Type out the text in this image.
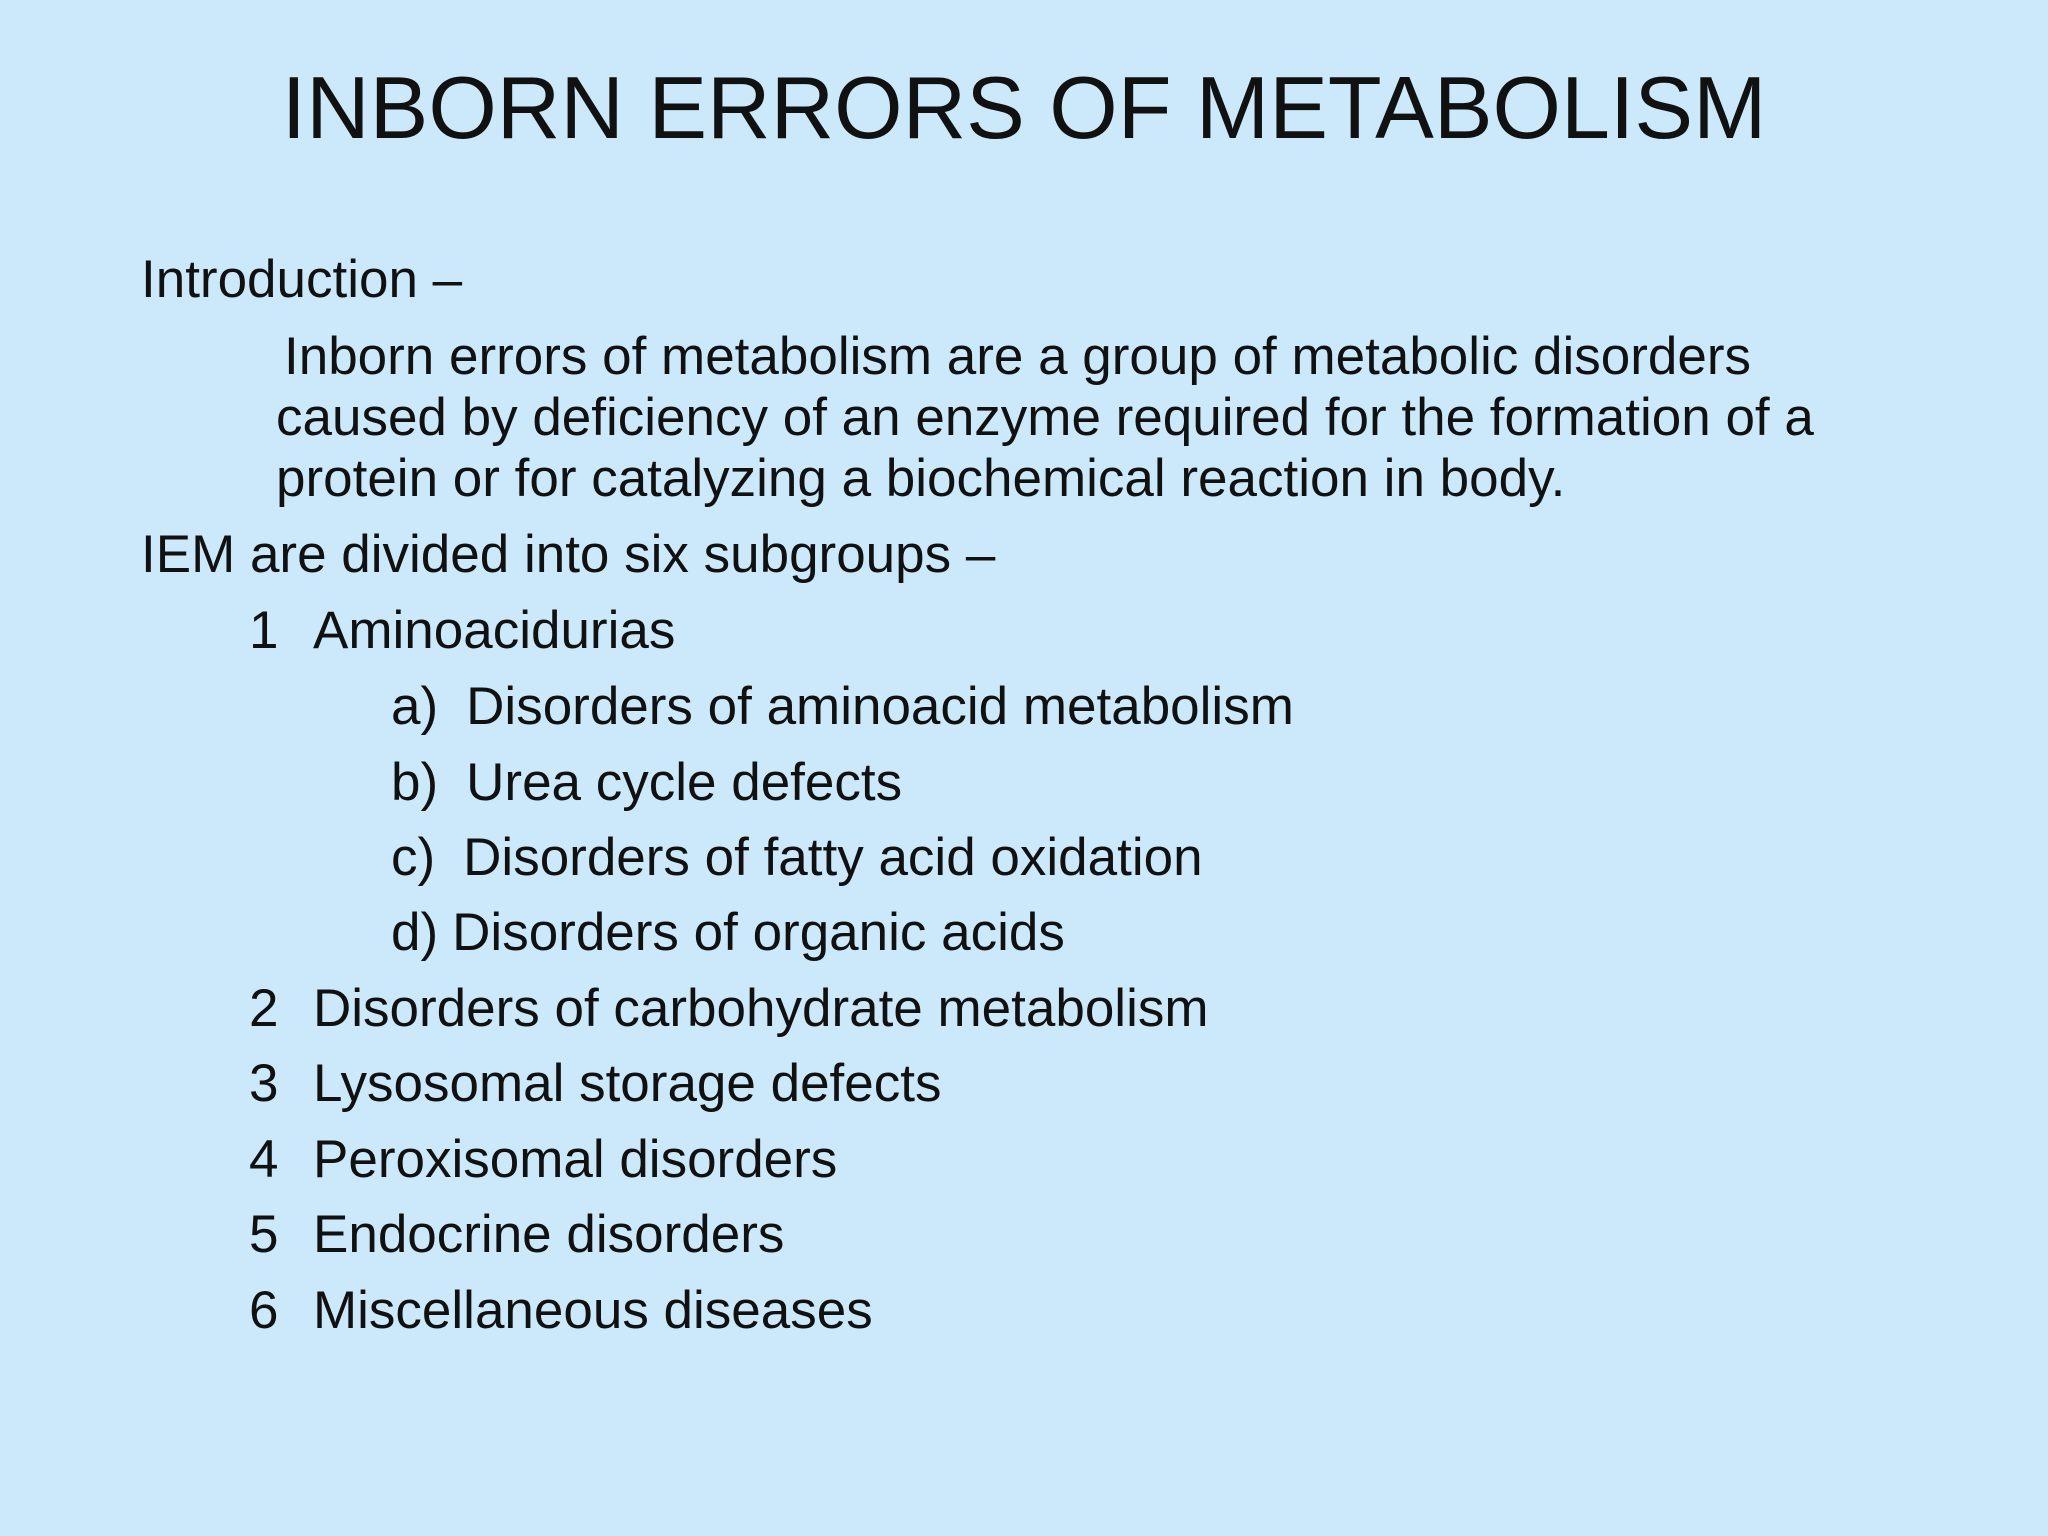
INBORN ERRORS OF METABOLISM
Introduction –
Inborn errors of metabolism are a group of metabolic disorders
caused by deficiency of an enzyme required for the formation of a
protein or for catalyzing a biochemical reaction in body.
IEM are divided into six subgroups –
1 Aminoacidurias
a) Disorders of aminoacid metabolism
b) Urea cycle defects
c) Disorders of fatty acid oxidation
d) Disorders of organic acids
2 Disorders of carbohydrate metabolism
3 Lysosomal storage defects
4 Peroxisomal disorders
5 Endocrine disorders
6 Miscellaneous diseases
